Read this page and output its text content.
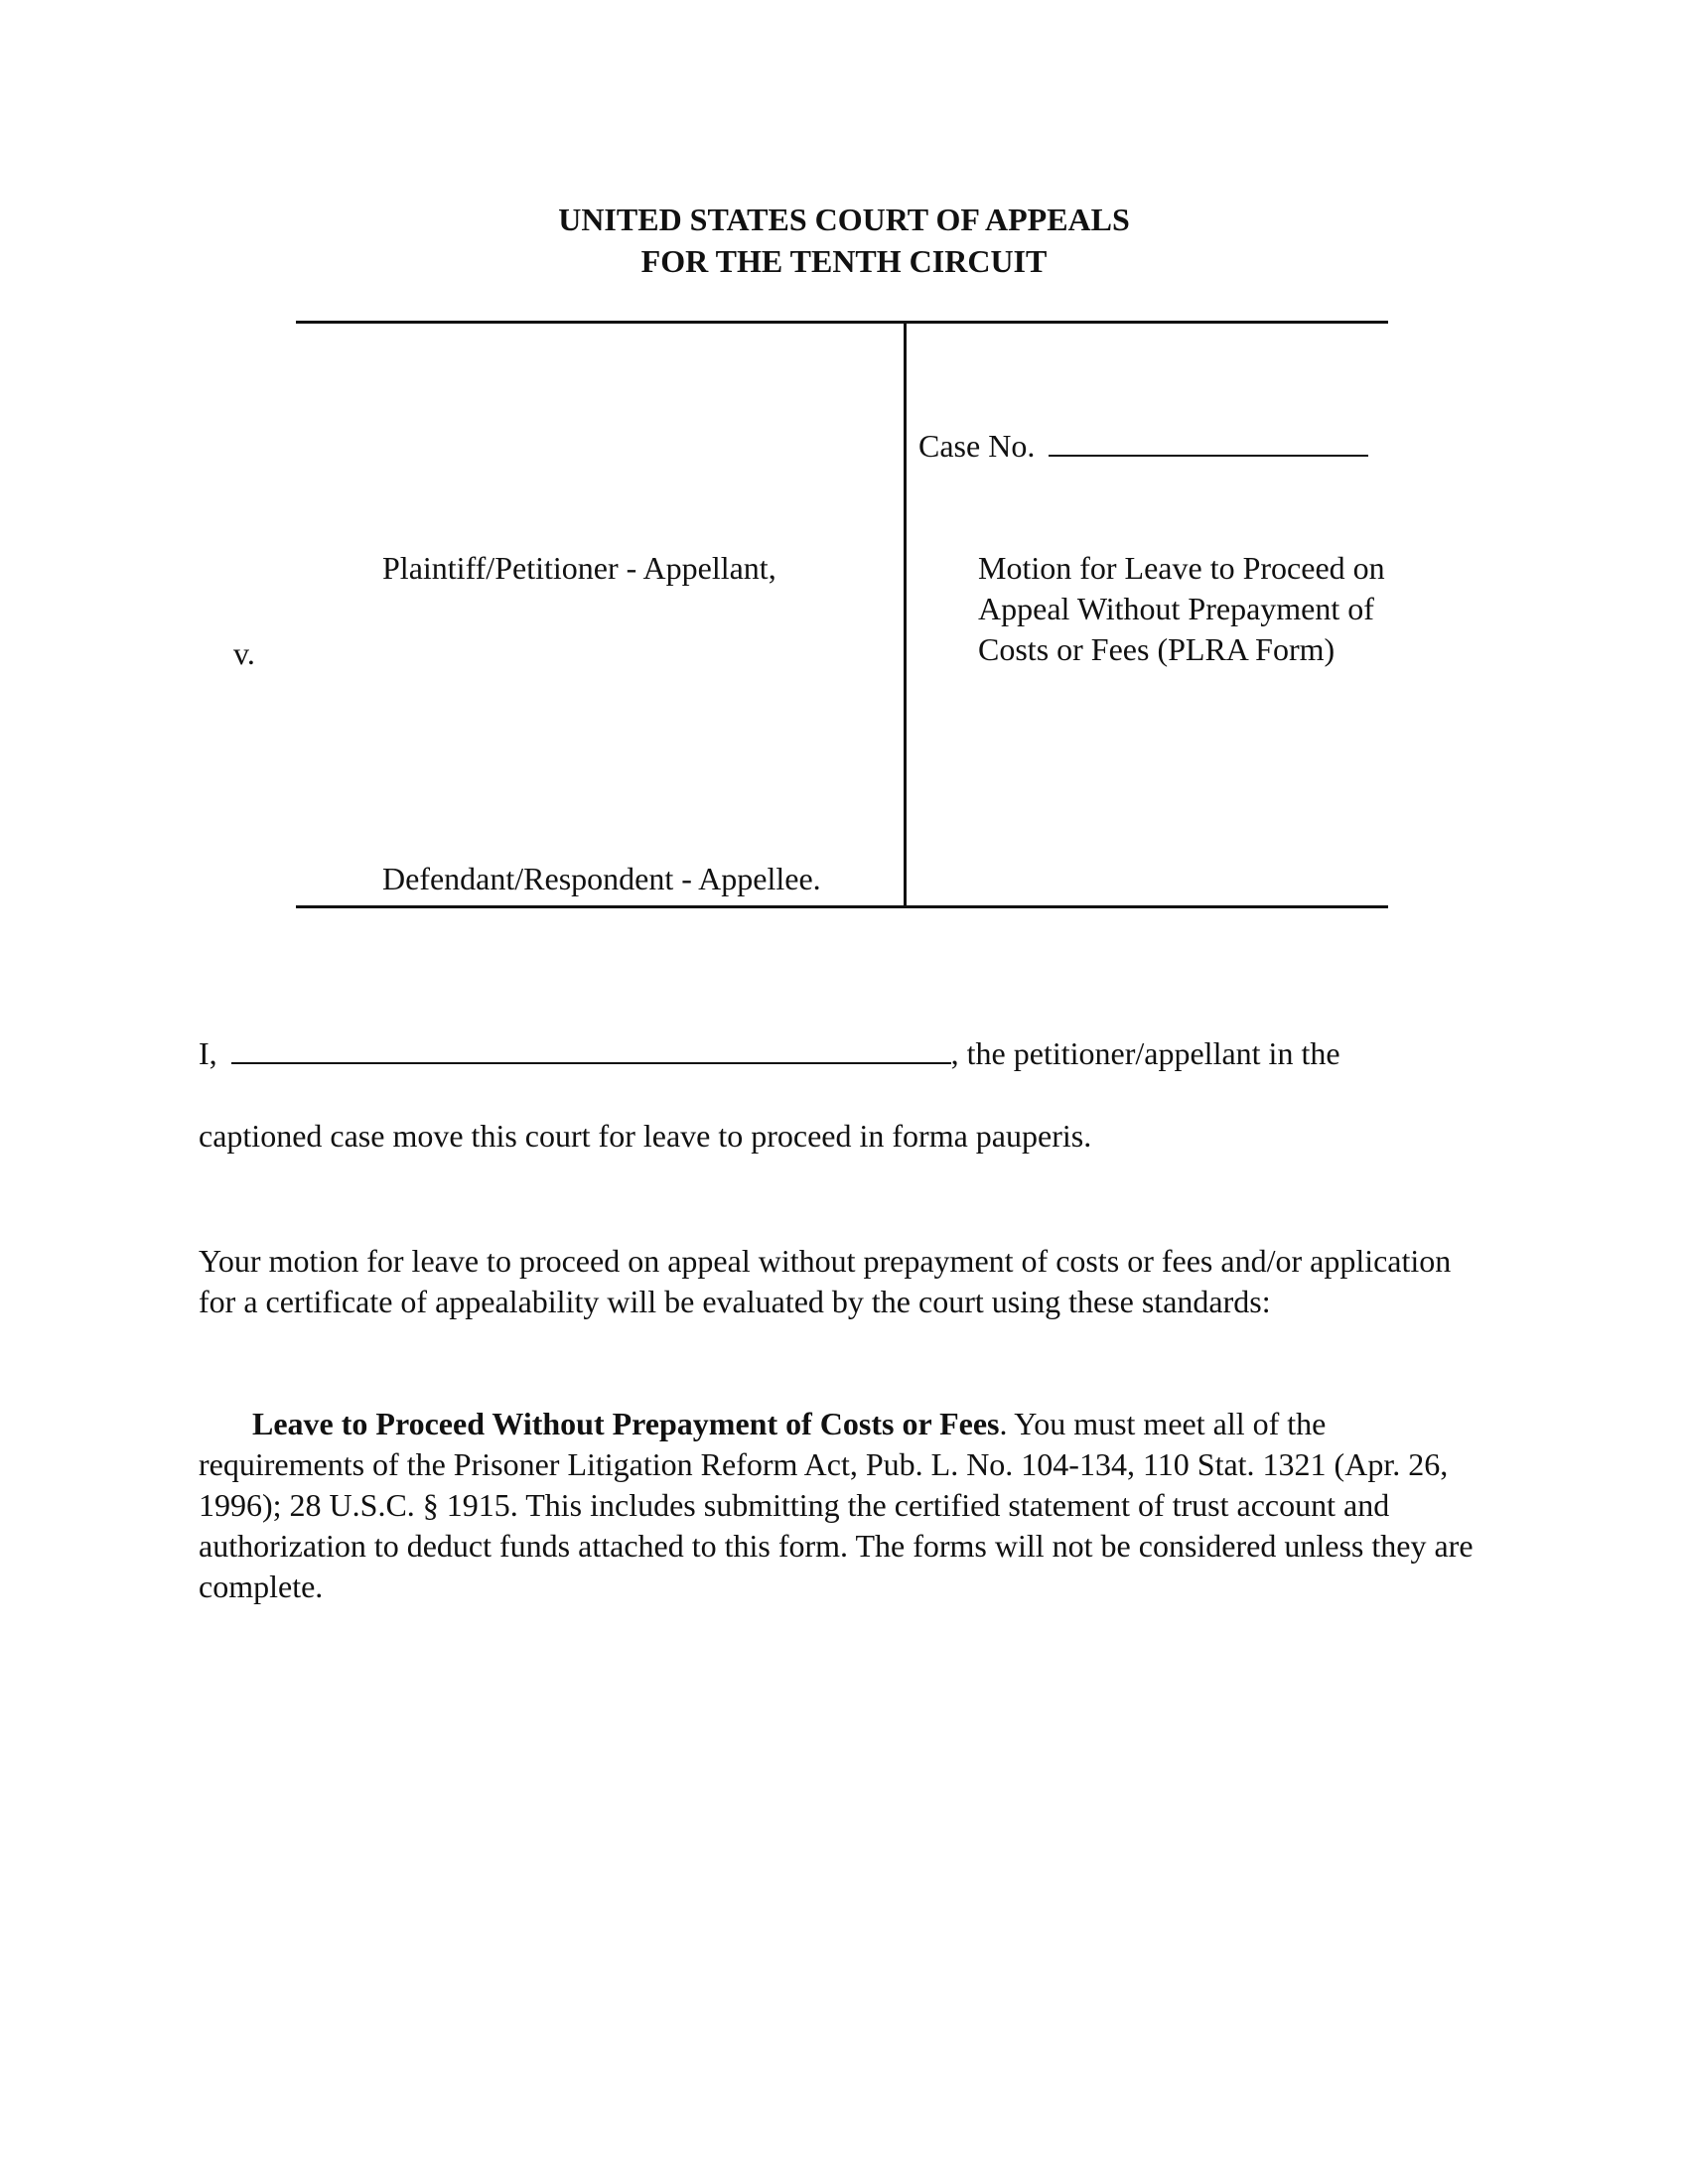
UNITED STATES COURT OF APPEALS
FOR THE TENTH CIRCUIT
Case No.
Motion for Leave to Proceed on
Appeal Without Prepayment of
Costs or Fees (PLRA Form)
Plaintiff/Petitioner - Appellant,
v.
Defendant/Respondent - Appellee.
I,	, the petitioner/appellant in the
captioned case move this court for leave to proceed in forma pauperis.
Your motion for leave to proceed on appeal without prepayment of costs or fees and/or application for a certificate of appealability will be evaluated by the court using these standards:
Leave to Proceed Without Prepayment of Costs or Fees. You must meet all of the requirements of the Prisoner Litigation Reform Act, Pub. L. No. 104-134, 110 Stat. 1321 (Apr. 26, 1996); 28 U.S.C. § 1915. This includes submitting the certified statement of trust account and authorization to deduct funds attached to this form. The forms will not be considered unless they are complete.
